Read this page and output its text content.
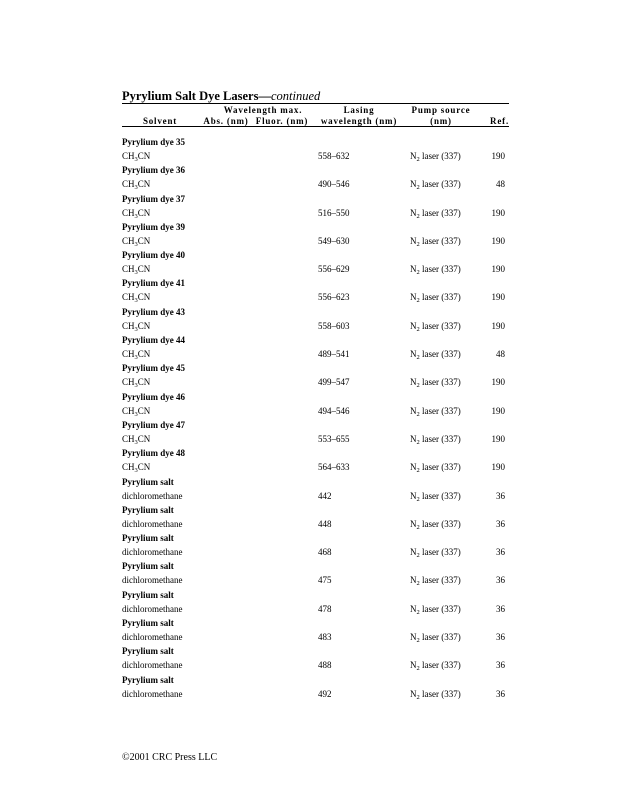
Pyrylium Salt Dye Lasers—continued
Wavelength max.	Lasing	Pump source
Solvent	Abs. (nm) Fluor. (nm)	wavelength (nm)	(nm)	Ref.
Pyrylium dye 35
$CH_3CN$	558–632	$N_2$ laser (337)	190
Pyrylium dye 36
$CH_3CN$	490–546	$N_2$ laser (337)	48
Pyrylium dye 37
$CH_3CN$	516–550	$N_2$ laser (337)	190
Pyrylium dye 39
$CH_3CN$	549–630	$N_2$ laser (337)	190
Pyrylium dye 40
$CH_3CN$	556–629	$N_2$ laser (337)	190
Pyrylium dye 41
$CH_3CN$	556–623	$N_2$ laser (337)	190
Pyrylium dye 43
$CH_3CN$	558–603	$N_2$ laser (337)	190
Pyrylium dye 44
$CH_3CN$	489–541	$N_2$ laser (337)	48
Pyrylium dye 45
$CH_3CN$	499–547	$N_2$ laser (337)	190
Pyrylium dye 46
$CH_3CN$	494–546	$N_2$ laser (337)	190
Pyrylium dye 47
$CH_3CN$	553–655	$N_2$ laser (337)	190
Pyrylium dye 48
$CH_3CN$	564–633	$N_2$ laser (337)	190
Pyrylium salt
dichloromethane	442	$N_2$ laser (337)	36
Pyrylium salt
dichloromethane	448	$N_2$ laser (337)	36
Pyrylium salt
dichloromethane	468	$N_2$ laser (337)	36
Pyrylium salt
dichloromethane	475	$N_2$ laser (337)	36
Pyrylium salt
dichloromethane	478	$N_2$ laser (337)	36
Pyrylium salt
dichloromethane	483	$N_2$ laser (337)	36
Pyrylium salt
dichloromethane	488	$N_2$ laser (337)	36
Pyrylium salt
dichloromethane	492	$N_2$ laser (337)	36
©2001 CRC Press LLC
